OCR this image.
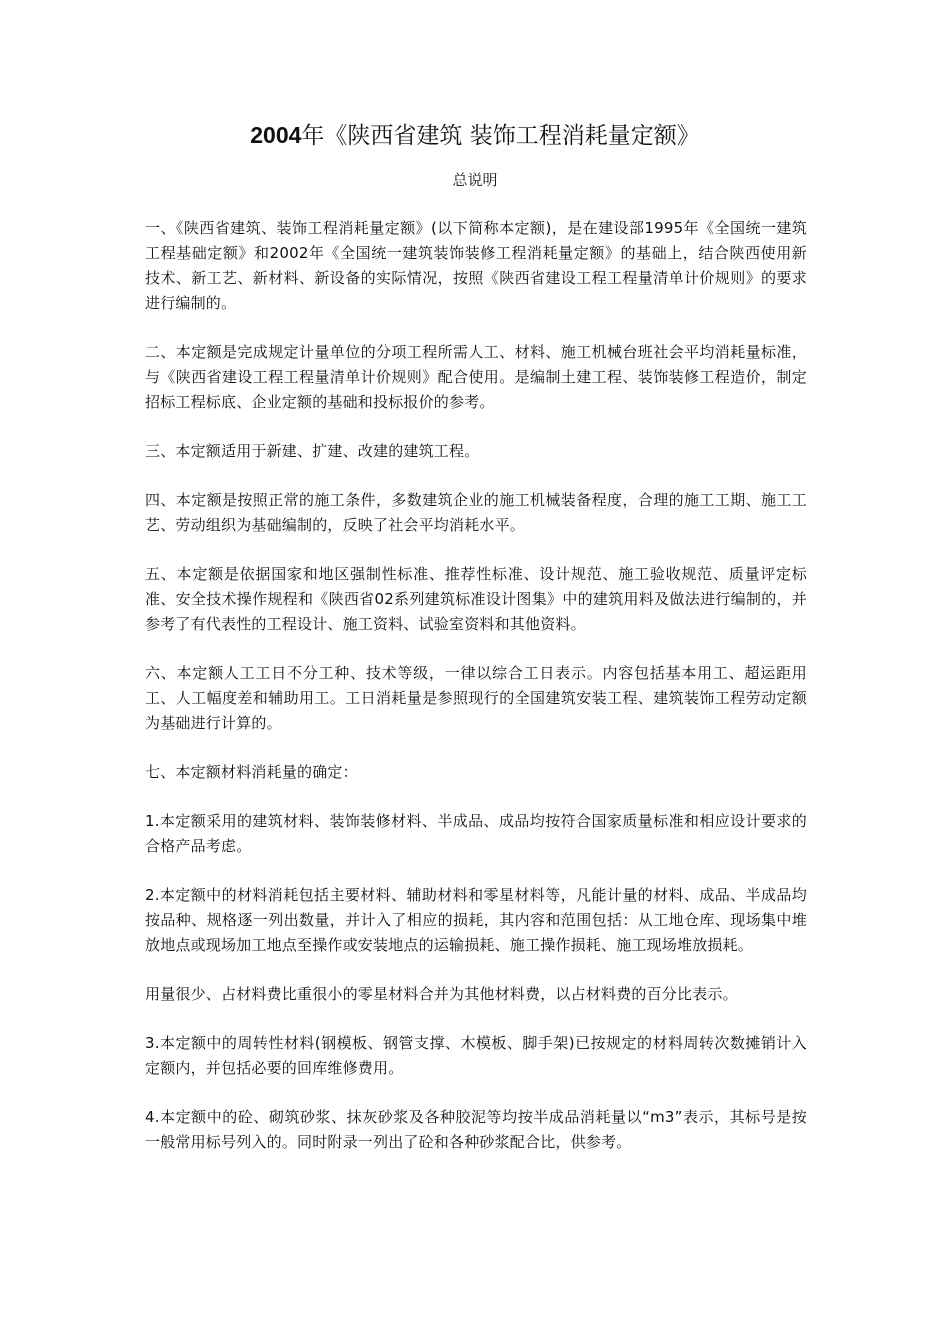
2004年《陕西省建筑 装饰工程消耗量定额》
总说明

一、《陕西省建筑、装饰工程消耗量定额》(以下简称本定额)，是在建设部1995年《全国统一建筑工程基础定额》和2002年《全国统一建筑装饰装修工程消耗量定额》的基础上，结合陕西使用新技术、新工艺、新材料、新设备的实际情况，按照《陕西省建设工程工程量清单计价规则》的要求进行编制的。

二、本定额是完成规定计量单位的分项工程所需人工、材料、施工机械台班社会平均消耗量标准，与《陕西省建设工程工程量清单计价规则》配合使用。是编制土建工程、装饰装修工程造价，制定招标工程标底、企业定额的基础和投标报价的参考。

三、本定额适用于新建、扩建、改建的建筑工程。

四、本定额是按照正常的施工条件，多数建筑企业的施工机械装备程度，合理的施工工期、施工工艺、劳动组织为基础编制的，反映了社会平均消耗水平。

五、本定额是依据国家和地区强制性标准、推荐性标准、设计规范、施工验收规范、质量评定标准、安全技术操作规程和《陕西省02系列建筑标准设计图集》中的建筑用料及做法进行编制的，并参考了有代表性的工程设计、施工资料、试验室资料和其他资料。

六、本定额人工工日不分工种、技术等级，一律以综合工日表示。内容包括基本用工、超运距用工、人工幅度差和辅助用工。工日消耗量是参照现行的全国建筑安装工程、建筑装饰工程劳动定额为基础进行计算的。

七、本定额材料消耗量的确定：

1.本定额采用的建筑材料、装饰装修材料、半成品、成品均按符合国家质量标准和相应设计要求的合格产品考虑。

2.本定额中的材料消耗包括主要材料、辅助材料和零星材料等，凡能计量的材料、成品、半成品均按品种、规格逐一列出数量，并计入了相应的损耗，其内容和范围包括：从工地仓库、现场集中堆放地点或现场加工地点至操作或安装地点的运输损耗、施工操作损耗、施工现场堆放损耗。

用量很少、占材料费比重很小的零星材料合并为其他材料费，以占材料费的百分比表示。

3.本定额中的周转性材料(钢模板、钢管支撑、木模板、脚手架)已按规定的材料周转次数摊销计入定额内，并包括必要的回库维修费用。

4.本定额中的砼、砌筑砂浆、抹灰砂浆及各种胶泥等均按半成品消耗量以“m3”表示，其标号是按一般常用标号列入的。同时附录一列出了砼和各种砂浆配合比，供参考。
